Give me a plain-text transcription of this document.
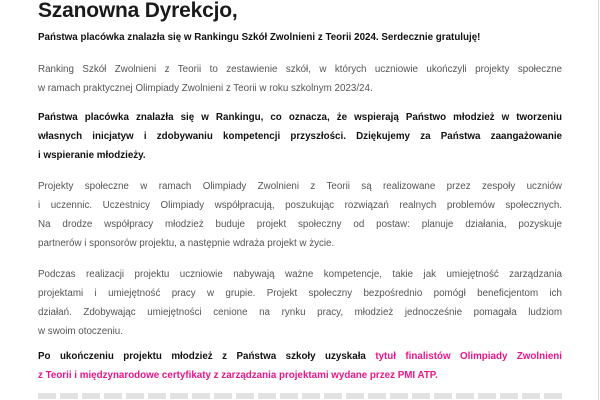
Szanowna Dyrekcjo,
Państwa placówka znalazła się w Rankingu Szkół Zwolnieni z Teorii 2024. Serdecznie gratuluję!
Ranking Szkół Zwolnieni z Teorii to zestawienie szkół, w których uczniowie ukończyli projekty społeczne
w ramach praktycznej Olimpiady Zwolnieni z Teorii w roku szkolnym 2023/24.
Państwa placówka znalazła się w Rankingu, co oznacza, że wspierają Państwo młodzież w tworzeniu
własnych inicjatyw i zdobywaniu kompetencji przyszłości. Dziękujemy za Państwa zaangażowanie
i wspieranie młodzieży.
Projekty społeczne w ramach Olimpiady Zwolnieni z Teorii są realizowane przez zespoły uczniów
i uczennic. Uczestnicy Olimpiady współpracują, poszukując rozwiązań realnych problemów społecznych.
Na drodze współpracy młodzież buduje projekt społeczny od postaw: planuje działania, pozyskuje
partnerów i sponsorów projektu, a następnie wdraża projekt w życie.
Podczas realizacji projektu uczniowie nabywają ważne kompetencje, takie jak umiejętność zarządzania
projektami i umiejętność pracy w grupie. Projekt społeczny bezpośrednio pomógł beneficjentom ich
działań. Zdobywając umiejętności cenione na rynku pracy, młodzież jednocześnie pomagała ludziom
w swoim otoczeniu.
Po ukończeniu projektu młodzież z Państwa szkoły uzyskała tytuł finalistów Olimpiady Zwolnieni
z Teorii i międzynarodowe certyfikaty z zarządzania projektami wydane przez PMI ATP.
